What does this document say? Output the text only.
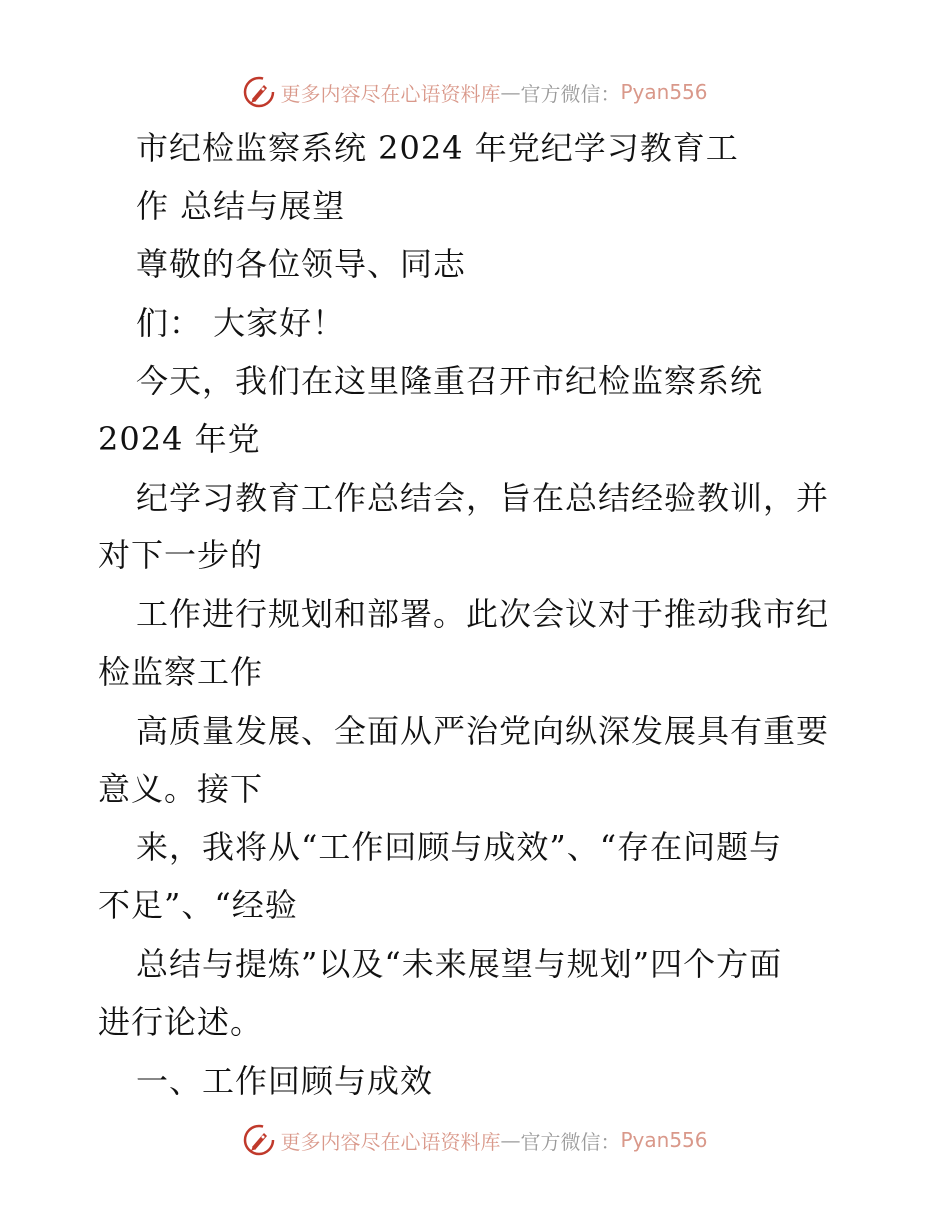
更多内容尽在心语资料库 — 官方微信： Pyan556
市纪检监察系统 2024 年党纪学习教育工
作 总结与展望
尊敬的各位领导、同志
们： 大家好！
今天，我们在这里隆重召开市纪检监察系统
2024 年党
纪学习教育工作总结会，旨在总结经验教训，并
对下一步的
工作进行规划和部署。此次会议对于推动我市纪
检监察工作
高质量发展、全面从严治党向纵深发展具有重要
意义。接下
来，我将从“工作回顾与成效”、“存在问题与
不足”、“经验
总结与提炼”以及“未来展望与规划”四个方面
进行论述。
一、工作回顾与成效
更多内容尽在心语资料库 — 官方微信： Pyan556
